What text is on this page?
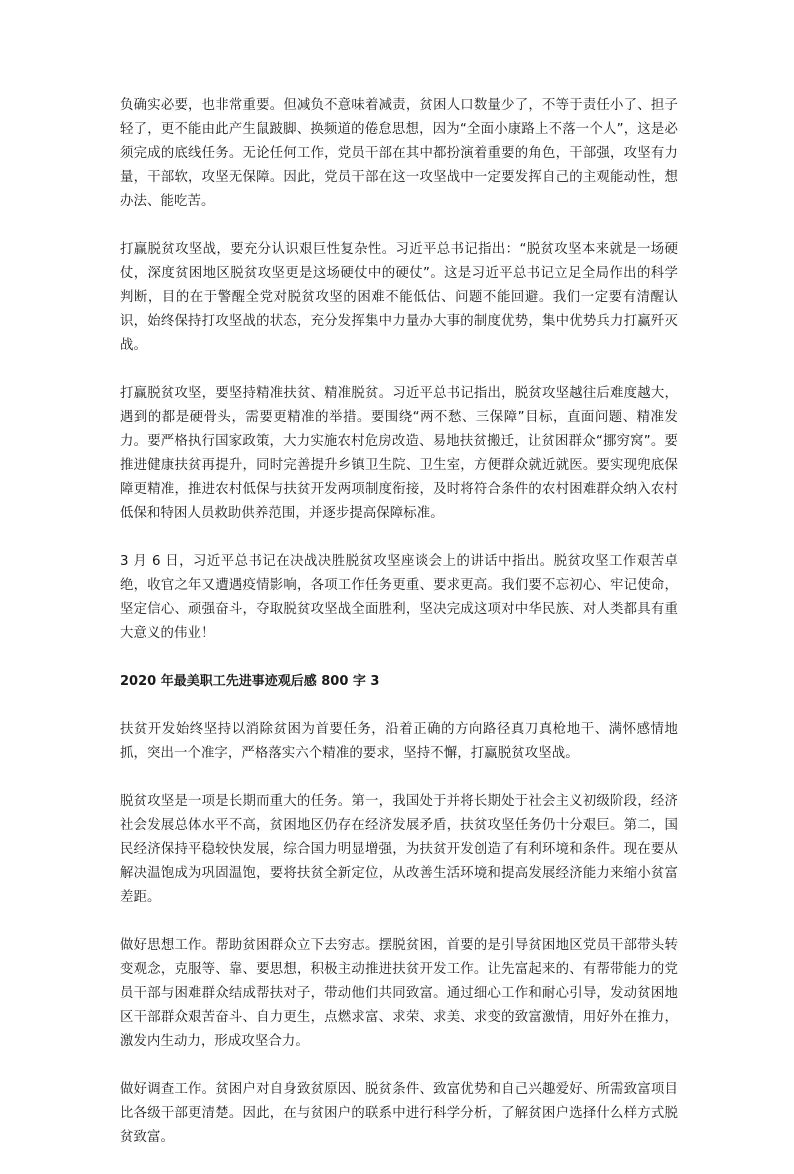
负确实必要，也非常重要。但减负不意味着减责，贫困人口数量少了，不等于责任小了、担子轻了，更不能由此产生鼠跛脚、换频道的倦怠思想，因为“全面小康路上不落一个人”，这是必须完成的底线任务。无论任何工作，党员干部在其中都扮演着重要的角色，干部强，攻坚有力量，干部软，攻坚无保障。因此，党员干部在这一攻坚战中一定要发挥自己的主观能动性，想办法、能吃苦。

打赢脱贫攻坚战，要充分认识艰巨性复杂性。习近平总书记指出：“脱贫攻坚本来就是一场硬仗，深度贫困地区脱贫攻坚更是这场硬仗中的硬仗”。这是习近平总书记立足全局作出的科学判断，目的在于警醒全党对脱贫攻坚的困难不能低估、问题不能回避。我们一定要有清醒认识，始终保持打攻坚战的状态，充分发挥集中力量办大事的制度优势，集中优势兵力打赢歼灭战。

打赢脱贫攻坚，要坚持精准扶贫、精准脱贫。习近平总书记指出，脱贫攻坚越往后难度越大，遇到的都是硬骨头，需要更精准的举措。要围绕“两不愁、三保障”目标，直面问题、精准发力。要严格执行国家政策，大力实施农村危房改造、易地扶贫搬迁，让贫困群众“挪穷窝”。要推进健康扶贫再提升，同时完善提升乡镇卫生院、卫生室，方便群众就近就医。要实现兜底保障更精准，推进农村低保与扶贫开发两项制度衔接，及时将符合条件的农村困难群众纳入农村低保和特困人员救助供养范围，并逐步提高保障标准。

3 月 6 日，习近平总书记在决战决胜脱贫攻坚座谈会上的讲话中指出。脱贫攻坚工作艰苦卓绝，收官之年又遭遇疫情影响，各项工作任务更重、要求更高。我们要不忘初心、牢记使命，坚定信心、顽强奋斗，夺取脱贫攻坚战全面胜利，坚决完成这项对中华民族、对人类都具有重大意义的伟业！

2020 年最美职工先进事迹观后感 800 字 3

扶贫开发始终坚持以消除贫困为首要任务，沿着正确的方向路径真刀真枪地干、满怀感情地抓，突出一个准字，严格落实六个精准的要求，坚持不懈，打赢脱贫攻坚战。

脱贫攻坚是一项是长期而重大的任务。第一，我国处于并将长期处于社会主义初级阶段，经济社会发展总体水平不高，贫困地区仍存在经济发展矛盾，扶贫攻坚任务仍十分艰巨。第二，国民经济保持平稳较快发展，综合国力明显增强，为扶贫开发创造了有利环境和条件。现在要从解决温饱成为巩固温饱，要将扶贫全新定位，从改善生活环境和提高发展经济能力来缩小贫富差距。

做好思想工作。帮助贫困群众立下去穷志。摆脱贫困，首要的是引导贫困地区党员干部带头转变观念，克服等、靠、要思想，积极主动推进扶贫开发工作。让先富起来的、有帮带能力的党员干部与困难群众结成帮扶对子，带动他们共同致富。通过细心工作和耐心引导，发动贫困地区干部群众艰苦奋斗、自力更生，点燃求富、求荣、求美、求变的致富激情，用好外在推力，激发内生动力，形成攻坚合力。

做好调查工作。贫困户对自身致贫原因、脱贫条件、致富优势和自己兴趣爱好、所需致富项目比各级干部更清楚。因此，在与贫困户的联系中进行科学分析，了解贫困户选择什么样方式脱贫致富。
